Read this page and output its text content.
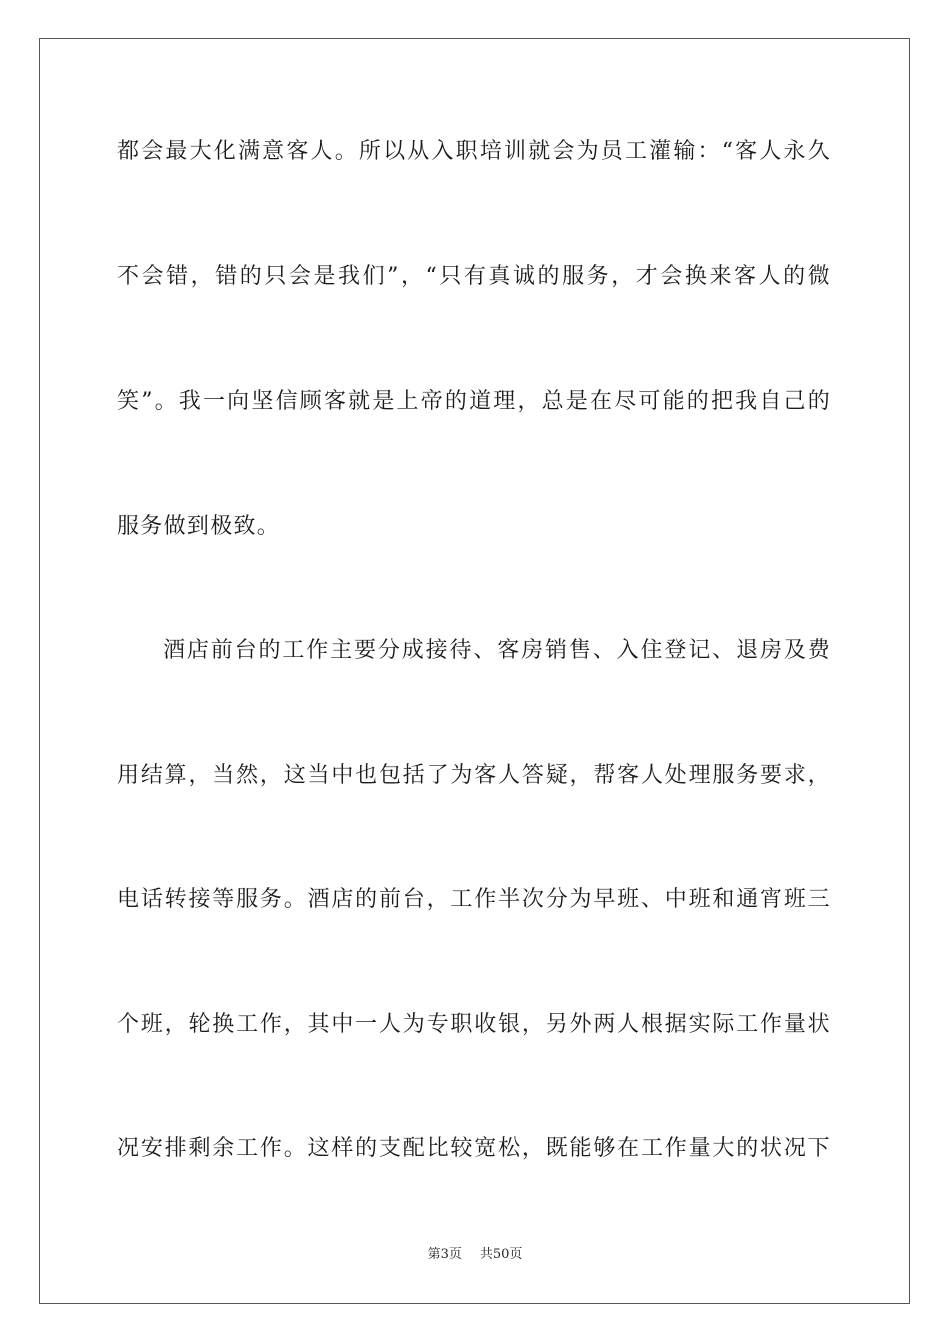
都会最大化满意客人。所以从入职培训就会为员工灌输：“客人永久
不会错，错的只会是我们”，“只有真诚的服务，才会换来客人的微
笑”。我一向坚信顾客就是上帝的道理，总是在尽可能的把我自己的
服务做到极致。
酒店前台的工作主要分成接待、客房销售、入住登记、退房及费
用结算，当然，这当中也包括了为客人答疑，帮客人处理服务要求，
电话转接等服务。酒店的前台，工作半次分为早班、中班和通宵班三
个班，轮换工作，其中一人为专职收银，另外两人根据实际工作量状
况安排剩余工作。这样的支配比较宽松，既能够在工作量大的状况下
第3页 共50页
